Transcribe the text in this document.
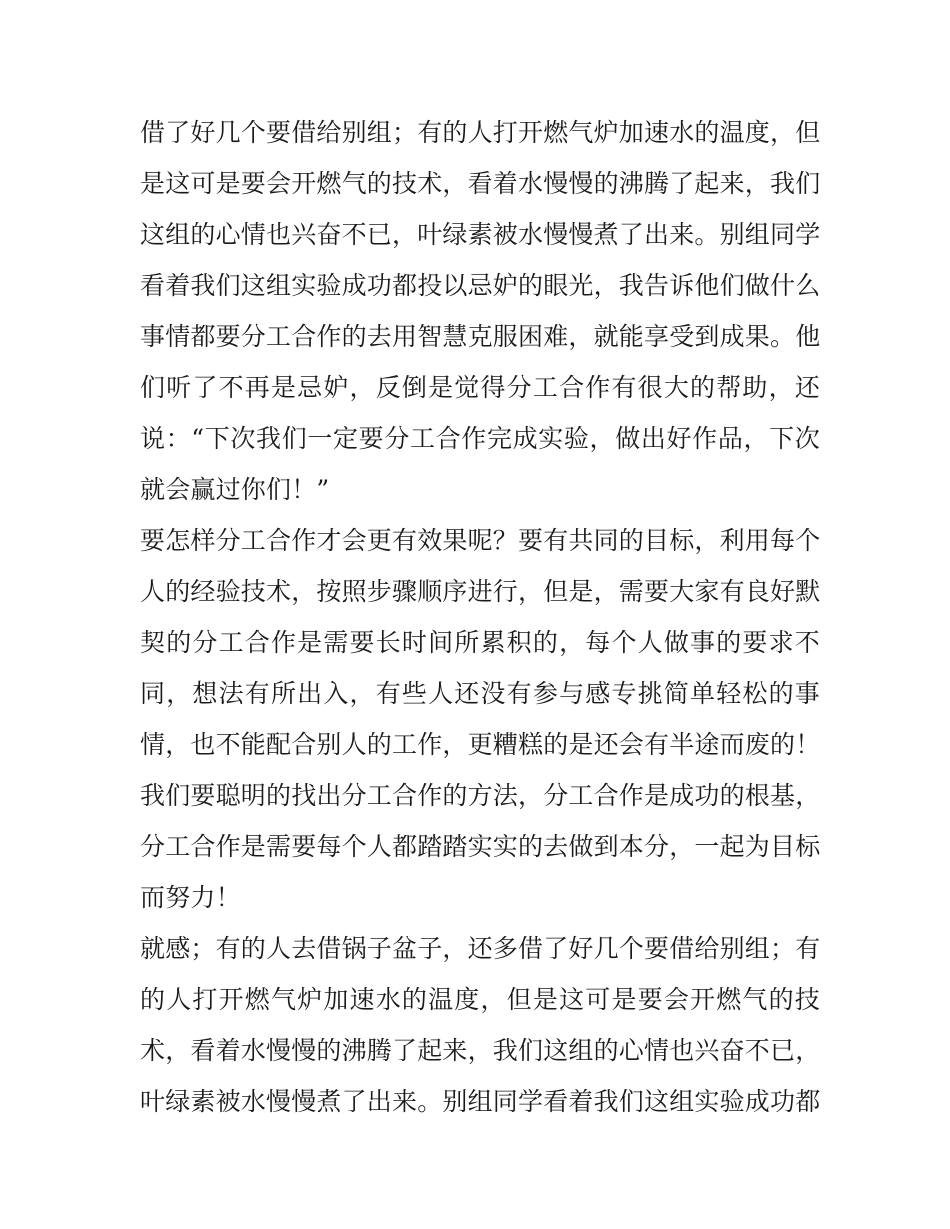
借了好几个要借给别组；有的人打开燃气炉加速水的温度，但
是这可是要会开燃气的技术，看着水慢慢的沸腾了起来，我们
这组的心情也兴奋不已，叶绿素被水慢慢煮了出来。别组同学
看着我们这组实验成功都投以忌妒的眼光，我告诉他们做什么
事情都要分工合作的去用智慧克服困难，就能享受到成果。他
们听了不再是忌妒，反倒是觉得分工合作有很大的帮助，还
说：“下次我们一定要分工合作完成实验，做出好作品，下次
就会赢过你们！”
要怎样分工合作才会更有效果呢？要有共同的目标，利用每个
人的经验技术，按照步骤顺序进行，但是，需要大家有良好默
契的分工合作是需要长时间所累积的，每个人做事的要求不
同，想法有所出入，有些人还没有参与感专挑简单轻松的事
情，也不能配合别人的工作，更糟糕的是还会有半途而废的！
我们要聪明的找出分工合作的方法，分工合作是成功的根基，
分工合作是需要每个人都踏踏实实的去做到本分，一起为目标
而努力！
就感；有的人去借锅子盆子，还多借了好几个要借给别组；有
的人打开燃气炉加速水的温度，但是这可是要会开燃气的技
术，看着水慢慢的沸腾了起来，我们这组的心情也兴奋不已，
叶绿素被水慢慢煮了出来。别组同学看着我们这组实验成功都
